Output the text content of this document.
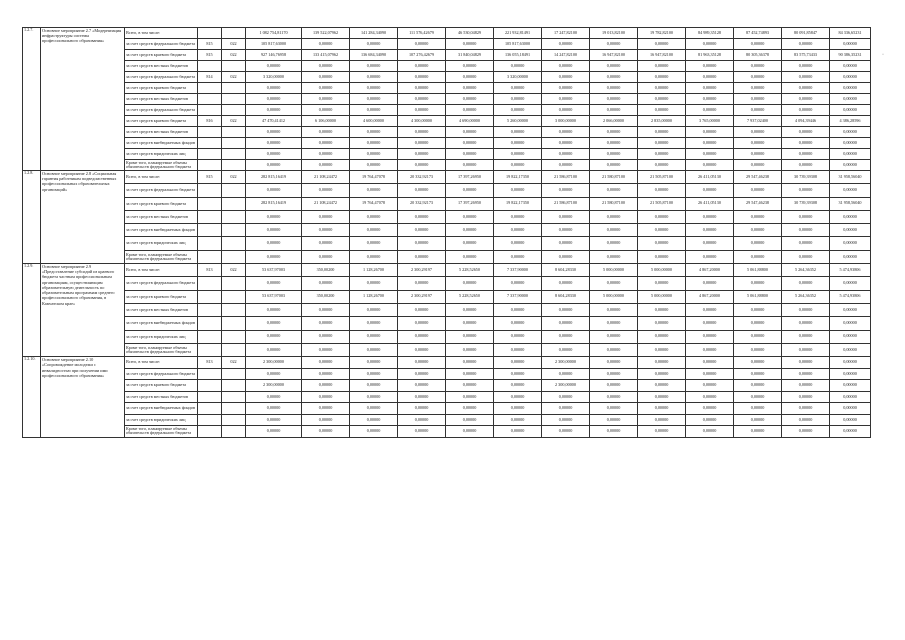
1.2.7.	Основное мероприятие 2.7 «Модернизация инфраструктуры системы профессионального образования»	Всего, в том числе:			1 082 754,81170	139 522,07962	141 284,34090	111 576,42679	46 530,04829	221 932,81491	17 247,82100	19 013,82100	19 782,82100	84 989,35128	87 452,74893	80 091,85847	84 336,65231
		за счет средств федерального бюджета	815	022	105 817,63000	0,00000	0,00000	0,00000	0,00000	105 817,63000	0,00000	0,00000	0,00000	0,00000	0,00000	0,00000	0,00000
		за счет средств краевого бюджета	815	022	927 146,76958	133 415,07962	136 684,34090	107 276,42679	31 840,04829	136 055,18491	14 247,82100	16 947,82100	16 947,82100	81 963,35128	80 305,36378	83 575,73433	90 386,35231
		за счет средств местных бюджетов			0,00000	0,00000	0,00000	0,00000	0,00000	0,00000	0,00000	0,00000	0,00000	0,00000	0,00000	0,00000	0,00000
		за счет средств федерального бюджета	814	022	3 320,00000	0,00000	0,00000	0,00000	0,00000	3 320,00000	0,00000	0,00000	0,00000	0,00000	0,00000	0,00000	0,00000
		за счет средств краевого бюджета			0,00000	0,00000	0,00000	0,00000	0,00000	0,00000	0,00000	0,00000	0,00000	0,00000	0,00000	0,00000	0,00000
		за счет средств местных бюджетов			0,00000	0,00000	0,00000	0,00000	0,00000	0,00000	0,00000	0,00000	0,00000	0,00000	0,00000	0,00000	0,00000
		за счет средств федерального бюджета			0,00000	0,00000	0,00000	0,00000	0,00000	0,00000	0,00000	0,00000	0,00000	0,00000	0,00000	0,00000	0,00000
		за счет средств краевого бюджета	816	022	47 470,41412	6 106,00000	4 600,00000	4 300,00000	4 690,00000	5 260,00000	3 000,00000	2 066,00000	2 835,00000	3 765,00000	7 937,02400	4 094,39446	4 386,28596
		за счет средств местных бюджетов			0,00000	0,00000	0,00000	0,00000	0,00000	0,00000	0,00000	0,00000	0,00000	0,00000	0,00000	0,00000	0,00000
		за счет средств внебюджетных фондов			0,00000	0,00000	0,00000	0,00000	0,00000	0,00000	0,00000	0,00000	0,00000	0,00000	0,00000	0,00000	0,00000
		за счет средств юридических лиц			0,00000	0,00000	0,00000	0,00000	0,00000	0,00000	0,00000	0,00000	0,00000	0,00000	0,00000	0,00000	0,00000
		Кроме того, планируемые объемы обязательств федерального бюджета			0,00000	0,00000	0,00000	0,00000	0,00000	0,00000	0,00000	0,00000	0,00000	0,00000	0,00000	0,00000	0,00000
1.2.8.	Основное мероприятие 2.8 «Социальная гарантия работникам подведомственных профессиональных образовательных организаций»	Всего, в том числе:	815	022	282 815,16419	21 108,24472	19 764,47078	20 332,92173	17 397,26950	19 822,17350	21 586,87100	21 580,87100	21 505,87100	26 411,05130	29 547,46238	30 739,39308	31 958,56040
		за счет средств федерального бюджета			0,00000	0,00000	0,00000	0,00000	0,00000	0,00000	0,00000	0,00000	0,00000	0,00000	0,00000	0,00000	0,00000
		за счет средств краевого бюджета			282 815,16419	21 108,24472	19 764,47078	20 332,92173	17 397,26950	19 822,17350	21 586,87100	21 580,87100	21 505,87100	26 411,05130	29 547,46238	30 739,39308	31 958,56040
		за счет средств местных бюджетов			0,00000	0,00000	0,00000	0,00000	0,00000	0,00000	0,00000	0,00000	0,00000	0,00000	0,00000	0,00000	0,00000
		за счет средств внебюджетных фондов			0,00000	0,00000	0,00000	0,00000	0,00000	0,00000	0,00000	0,00000	0,00000	0,00000	0,00000	0,00000	0,00000
		за счет средств юридических лиц			0,00000	0,00000	0,00000	0,00000	0,00000	0,00000	0,00000	0,00000	0,00000	0,00000	0,00000	0,00000	0,00000
		Кроме того, планируемые объемы обязательств федерального бюджета			0,00000	0,00000	0,00000	0,00000	0,00000	0,00000	0,00000	0,00000	0,00000	0,00000	0,00000	0,00000	0,00000
1.2.9.	Основное мероприятие 2.9 «Предоставление субсидий из краевого бюджета частным профессиональным организациям, осуществляющим образовательную деятельность по образовательным программам среднего профессионального образования, в Камчатском крае»	Всего, в том числе:	813	022	53 637,97003	350,00200	1 128,26700	2 300,29197	5 228,52650	7 337,90000	8 604,28330	5 000,00000	5 000,00000	4 867,20000	5 061,88800	5 264,36352	5 474,93806
		за счет средств федерального бюджета			0,00000	0,00000	0,00000	0,00000	0,00000	0,00000	0,00000	0,00000	0,00000	0,00000	0,00000	0,00000	0,00000
		за счет средств краевого бюджета			53 637,97003	350,00200	1 128,26700	2 300,29197	5 228,52650	7 337,90000	8 604,28330	5 000,00000	5 000,00000	4 867,20000	5 061,88800	5 264,36352	5 474,93806
		за счет средств местных бюджетов			0,00000	0,00000	0,00000	0,00000	0,00000	0,00000	0,00000	0,00000	0,00000	0,00000	0,00000	0,00000	0,00000
		за счет средств внебюджетных фондов			0,00000	0,00000	0,00000	0,00000	0,00000	0,00000	0,00000	0,00000	0,00000	0,00000	0,00000	0,00000	0,00000
		за счет средств юридических лиц			0,00000	0,00000	0,00000	0,00000	0,00000	0,00000	0,00000	0,00000	0,00000	0,00000	0,00000	0,00000	0,00000
		Кроме того, планируемые объемы обязательств федерального бюджета			0,00000	0,00000	0,00000	0,00000	0,00000	0,00000	0,00000	0,00000	0,00000	0,00000	0,00000	0,00000	0,00000
1.2.10.	Основное мероприятие 2.10 «Сопровождение молодежи с инвалидностью при получении ими профессионального образования»	Всего, в том числе:	813	022	2 300,00000	0,00000	0,00000	0,00000	0,00000	0,00000	2 300,00000	0,00000	0,00000	0,00000	0,00000	0,00000	0,00000
		за счет средств федерального бюджета			0,00000	0,00000	0,00000	0,00000	0,00000	0,00000	0,00000	0,00000	0,00000	0,00000	0,00000	0,00000	0,00000
		за счет средств краевого бюджета			2 300,00000	0,00000	0,00000	0,00000	0,00000	0,00000	2 300,00000	0,00000	0,00000	0,00000	0,00000	0,00000	0,00000
		за счет средств местных бюджетов			0,00000	0,00000	0,00000	0,00000	0,00000	0,00000	0,00000	0,00000	0,00000	0,00000	0,00000	0,00000	0,00000
		за счет средств внебюджетных фондов			0,00000	0,00000	0,00000	0,00000	0,00000	0,00000	0,00000	0,00000	0,00000	0,00000	0,00000	0,00000	0,00000
		за счет средств юридических лиц			0,00000	0,00000	0,00000	0,00000	0,00000	0,00000	0,00000	0,00000	0,00000	0,00000	0,00000	0,00000	0,00000
		Кроме того, планируемые объемы обязательств федерального бюджета			0,00000	0,00000	0,00000	0,00000	0,00000	0,00000	0,00000	0,00000	0,00000	0,00000	0,00000	0,00000	0,00000
·
